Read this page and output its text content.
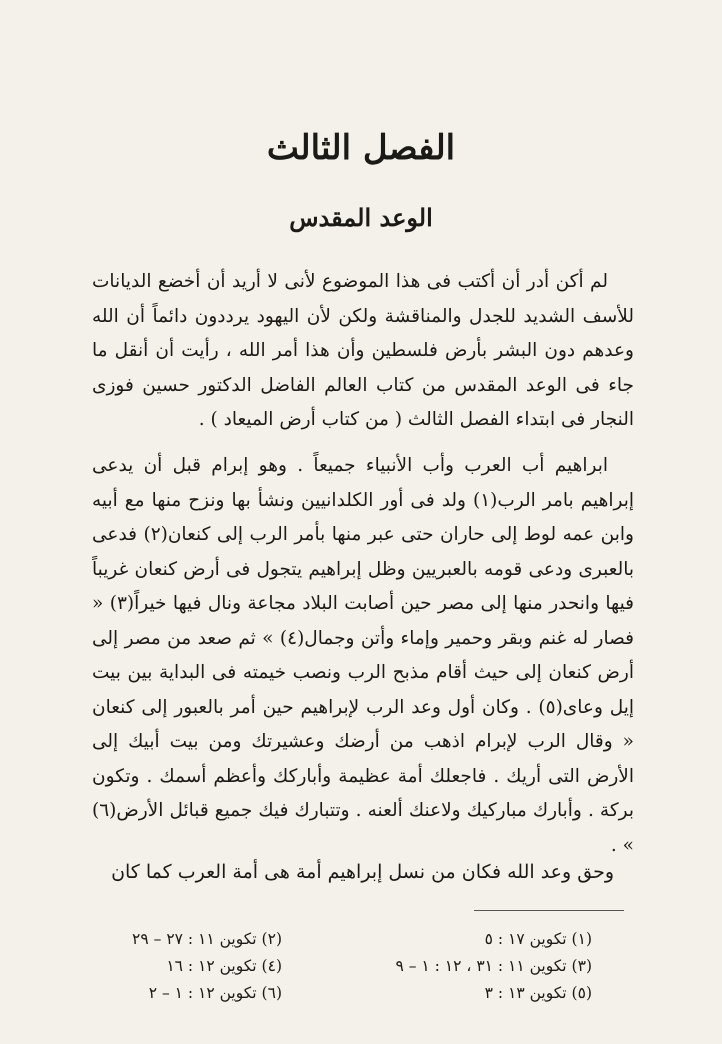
الفصل الثالث
الوعد المقدس

لم أكن أدر أن أكتب فى هذا الموضوع لأنى لا أريد أن أخضع الديانات للأسف الشديد للجدل والمناقشة ولكن لأن اليهود يرددون دائماً أن الله وعدهم دون البشر بأرض فلسطين وأن هذا أمر الله ، رأيت أن أنقل ما جاء فى الوعد المقدس من كتاب العالم الفاضل الدكتور حسين فوزى النجار فى ابتداء الفصل الثالث ( من كتاب أرض الميعاد ) .

ابراهيم أب العرب وأب الأنبياء جميعاً . وهو إبرام قبل أن يدعى إبراهيم بامر الرب(١) ولد فى أور الكلدانيين ونشأ بها ونزح منها مع أبيه وابن عمه لوط إلى حاران حتى عبر منها بأمر الرب إلى كنعان(٢) فدعى بالعبرى ودعى قومه بالعبريين وظل إبراهيم يتجول فى أرض كنعان غريباً فيها وانحدر منها إلى مصر حين أصابت البلاد مجاعة ونال فيها خيراً(٣) « فصار له غنم وبقر وحمير وإماء وأتن وجمال(٤) » ثم صعد من مصر إلى أرض كنعان إلى حيث أقام مذبح الرب ونصب خيمته فى البداية بين بيت إيل وعاى(٥) . وكان أول وعد الرب لإبراهيم حين أمر بالعبور إلى كنعان « وقال الرب لإبرام اذهب من أرضك وعشيرتك ومن بيت أبيك إلى الأرض التى أريك . فاجعلك أمة عظيمة وأباركك وأعظم أسمك . وتكون بركة . وأبارك مباركيك ولاعنك ألعنه . وتتبارك فيك جميع قبائل الأرض(٦) » .

وحق وعد الله فكان من نسل إبراهيم أمة هى أمة العرب كما كان

(١) تكوين ١٧ : ٥
(٢) تكوين ١١ : ٢٧ – ٢٩
(٣) تكوين ١١ : ٣١ ، ١٢ : ١ – ٩
(٤) تكوين ١٢ : ١٦
(٥) تكوين ١٣ : ٣
(٦) تكوين ١٢ : ١ – ٢
